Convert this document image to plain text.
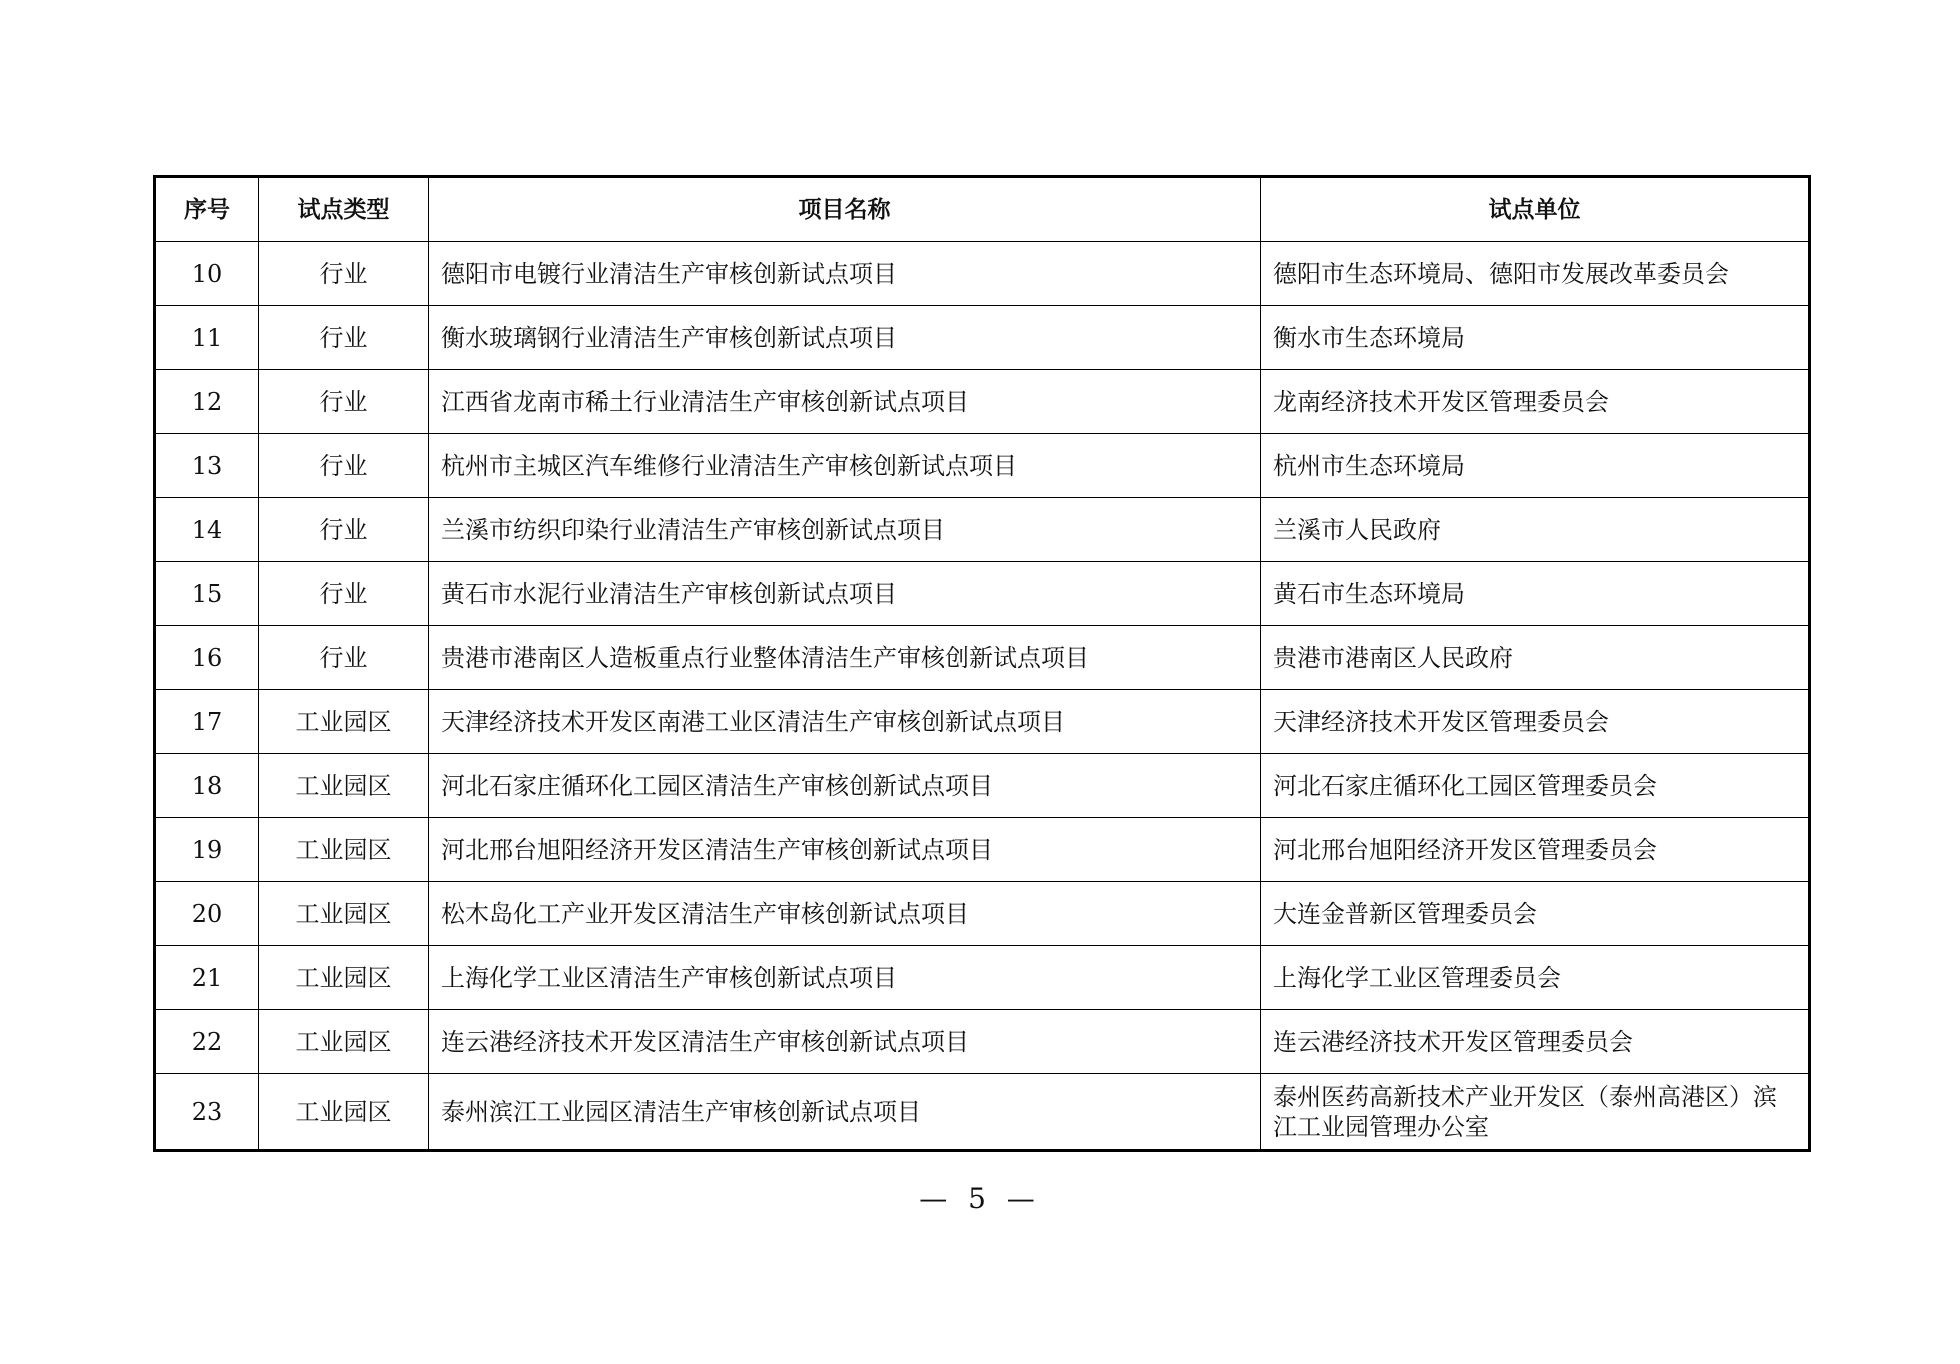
序号	试点类型	项目名称	试点单位
10	行业	德阳市电镀行业清洁生产审核创新试点项目	德阳市生态环境局、德阳市发展改革委员会
11	行业	衡水玻璃钢行业清洁生产审核创新试点项目	衡水市生态环境局
12	行业	江西省龙南市稀土行业清洁生产审核创新试点项目	龙南经济技术开发区管理委员会
13	行业	杭州市主城区汽车维修行业清洁生产审核创新试点项目	杭州市生态环境局
14	行业	兰溪市纺织印染行业清洁生产审核创新试点项目	兰溪市人民政府
15	行业	黄石市水泥行业清洁生产审核创新试点项目	黄石市生态环境局
16	行业	贵港市港南区人造板重点行业整体清洁生产审核创新试点项目	贵港市港南区人民政府
17	工业园区	天津经济技术开发区南港工业区清洁生产审核创新试点项目	天津经济技术开发区管理委员会
18	工业园区	河北石家庄循环化工园区清洁生产审核创新试点项目	河北石家庄循环化工园区管理委员会
19	工业园区	河北邢台旭阳经济开发区清洁生产审核创新试点项目	河北邢台旭阳经济开发区管理委员会
20	工业园区	松木岛化工产业开发区清洁生产审核创新试点项目	大连金普新区管理委员会
21	工业园区	上海化学工业区清洁生产审核创新试点项目	上海化学工业区管理委员会
22	工业园区	连云港经济技术开发区清洁生产审核创新试点项目	连云港经济技术开发区管理委员会
23	工业园区	泰州滨江工业园区清洁生产审核创新试点项目	泰州医药高新技术产业开发区（泰州高港区）滨江工业园管理办公室
— 5 —
